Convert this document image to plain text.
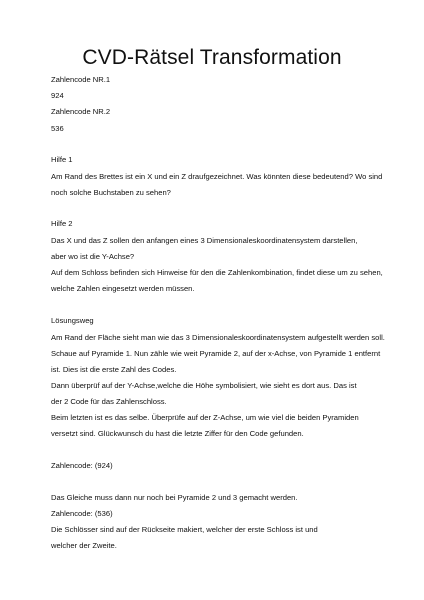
CVD-Rätsel Transformation
Zahlencode NR.1
924
Zahlencode NR.2
536
Hilfe 1
Am Rand des Brettes ist ein X und ein Z draufgezeichnet. Was könnten diese bedeutend? Wo sind
noch solche Buchstaben zu sehen?
Hilfe 2
Das X und das Z sollen den anfangen eines 3 Dimensionaleskoordinatensystem darstellen,
aber wo ist die Y-Achse?
Auf dem Schloss befinden sich Hinweise für den die Zahlenkombination, findet diese um zu sehen,
welche Zahlen eingesetzt werden müssen.
Lösungsweg
Am Rand der Fläche sieht man wie das 3 Dimensionaleskoordinatensystem aufgestellt werden soll.
Schaue auf Pyramide 1. Nun zähle wie weit Pyramide 2, auf der x-Achse, von Pyramide 1 entfernt
ist. Dies ist die erste Zahl des Codes.
Dann überprüf auf der Y-Achse,welche die Höhe symbolisiert, wie sieht es dort aus. Das ist
der 2 Code für das Zahlenschloss.
Beim letzten ist es das selbe. Überprüfe auf der Z-Achse, um wie viel die beiden Pyramiden
versetzt sind. Glückwunsch du hast die letzte Ziffer für den Code gefunden.
Zahlencode: (924)
Das Gleiche muss dann nur noch bei Pyramide 2 und 3 gemacht werden.
Zahlencode: (536)
Die Schlösser sind auf der Rückseite makiert, welcher der erste Schloss ist und
welcher der Zweite.
